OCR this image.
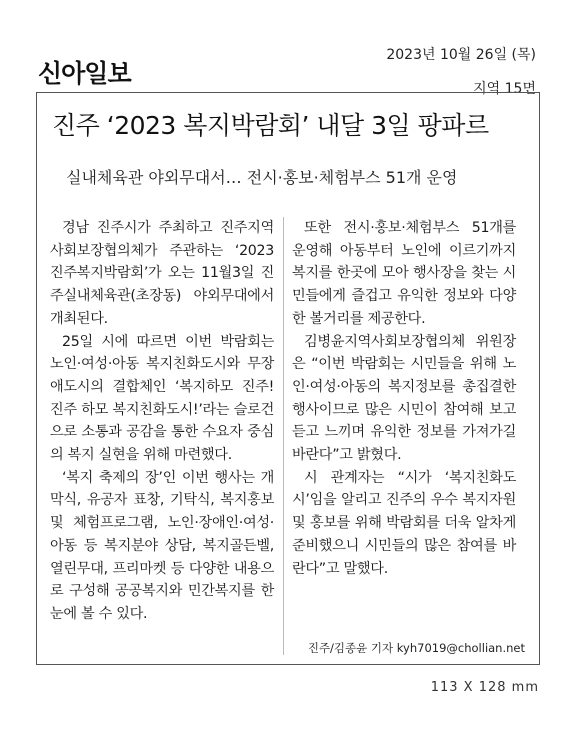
신아일보
2023년 10월 26일 (목)
지역 15면
진주 ‘2023 복지박람회’ 내달 3일 팡파르
실내체육관 야외무대서… 전시·홍보·체험부스 51개 운영

경남 진주시가 주최하고 진주지역사회보장협의체가 주관하는 ‘2023 진주복지박람회’가 오는 11월3일 진주실내체육관(초장동) 야외무대에서 개최된다.

25일 시에 따르면 이번 박람회는 노인·여성·아동 복지친화도시와 무장애도시의 결합체인 ‘복지하모 진주! 진주 하모 복지친화도시!’라는 슬로건으로 소통과 공감을 통한 수요자 중심의 복지 실현을 위해 마련했다.

‘복지 축제의 장’인 이번 행사는 개막식, 유공자 표창, 기탁식, 복지홍보 및 체험프로그램, 노인·장애인·여성·아동 등 복지분야 상담, 복지골든벨, 열린무대, 프리마켓 등 다양한 내용으로 구성해 공공복지와 민간복지를 한눈에 볼 수 있다.

또한 전시·홍보·체험부스 51개를 운영해 아동부터 노인에 이르기까지 복지를 한곳에 모아 행사장을 찾는 시민들에게 즐겁고 유익한 정보와 다양한 볼거리를 제공한다.

김병윤지역사회보장협의체 위원장은 “이번 박람회는 시민들을 위해 노인·여성·아동의 복지정보를 총집결한 행사이므로 많은 시민이 참여해 보고 듣고 느끼며 유익한 정보를 가져가길 바란다”고 밝혔다.

시 관계자는 “시가 ‘복지친화도시’임을 알리고 진주의 우수 복지자원 및 홍보를 위해 박람회를 더욱 알차게 준비했으니 시민들의 많은 참여를 바란다”고 말했다.

진주/김종윤 기자 kyh7019@chollian.net
113 X 128 mm
